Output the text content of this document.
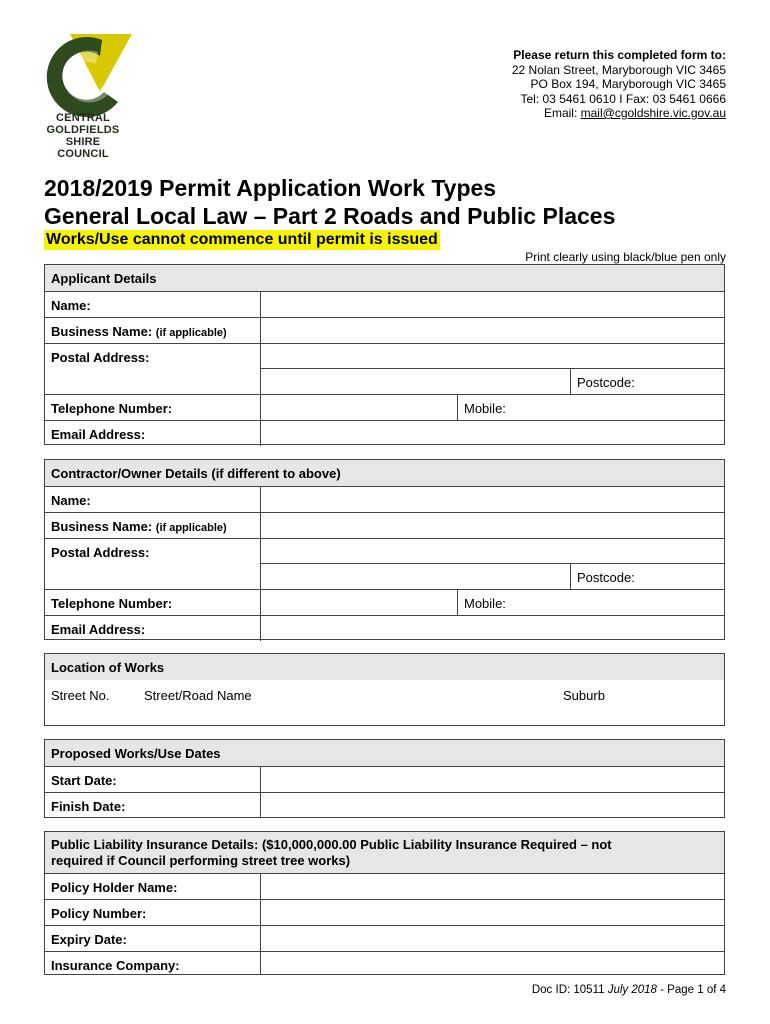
CENTRAL
GOLDFIELDS
SHIRE
COUNCIL
Please return this completed form to:
22 Nolan Street, Maryborough VIC 3465
PO Box 194, Maryborough VIC 3465
Tel: 03 5461 0610 I Fax: 03 5461 0666
Email: mail@cgoldshire.vic.gov.au
2018/2019 Permit Application Work Types
General Local Law – Part 2 Roads and Public Places
Works/Use cannot commence until permit is issued
Print clearly using black/blue pen only
Applicant Details
Name:
Business Name: (if applicable)
Postal Address:
Postcode:
Telephone Number:	Mobile:
Email Address:
Contractor/Owner Details (if different to above)
Name:
Business Name: (if applicable)
Postal Address:
Postcode:
Telephone Number:	Mobile:
Email Address:
Location of Works
Street No.	Street/Road Name	Suburb
Proposed Works/Use Dates
Start Date:
Finish Date:
Public Liability Insurance Details: ($10,000,000.00 Public Liability Insurance Required – not
required if Council performing street tree works)
Policy Holder Name:
Policy Number:
Expiry Date:
Insurance Company:
Doc ID: 10511 July 2018 - Page 1 of 4
